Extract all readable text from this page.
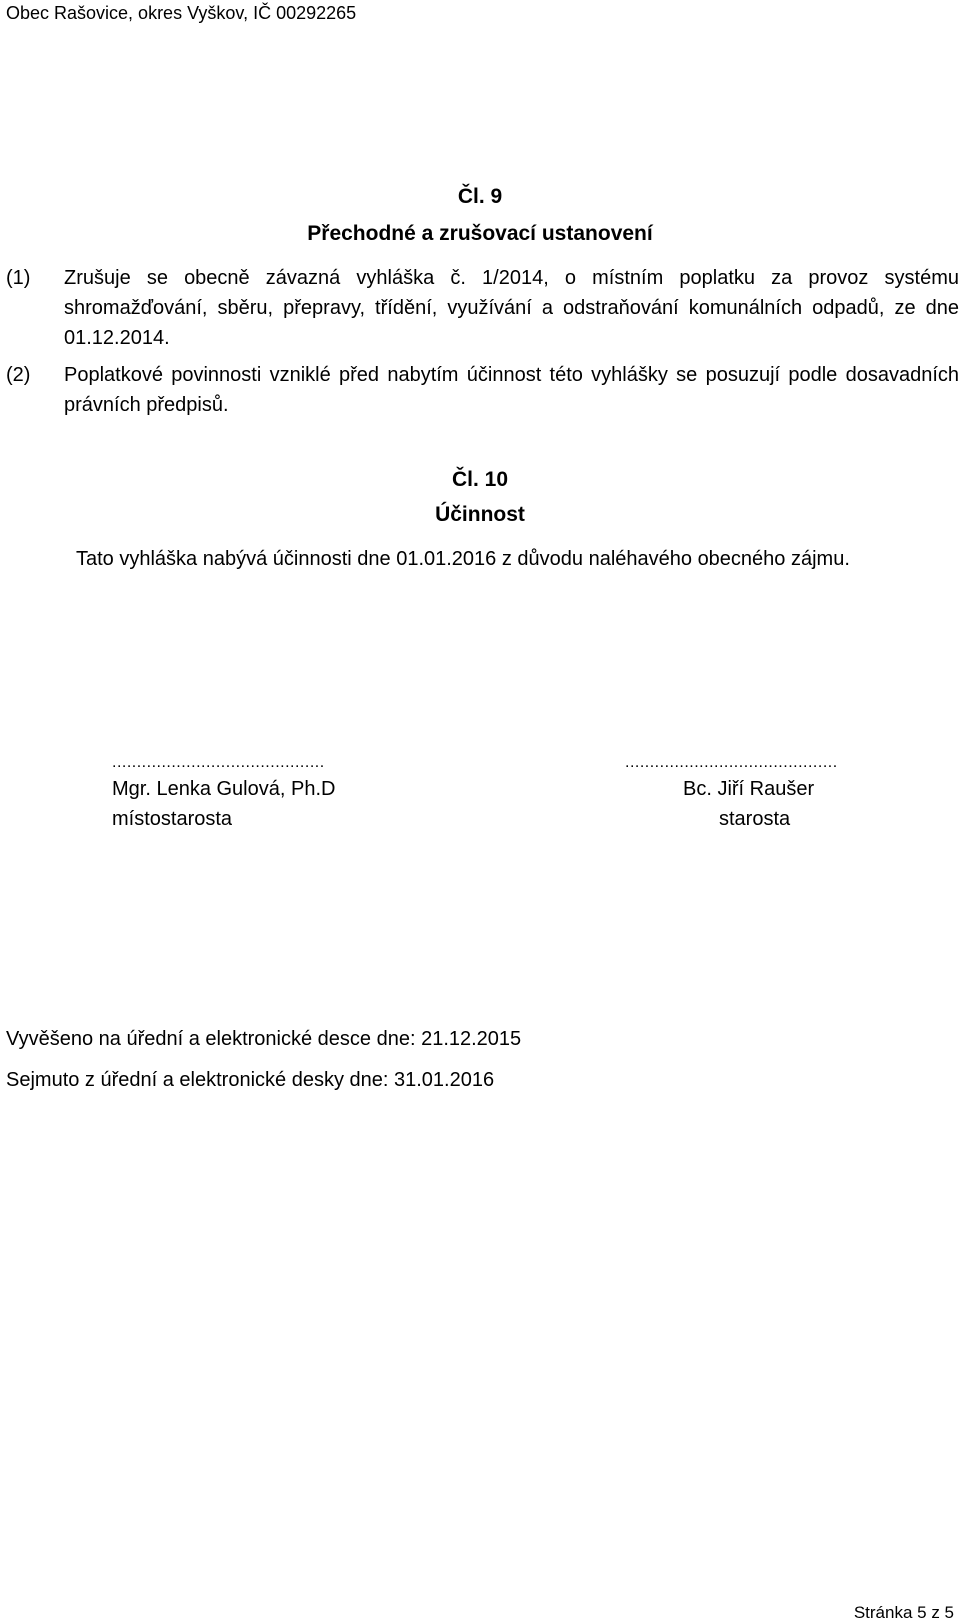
Obec Rašovice, okres Vyškov, IČ 00292265
Čl. 9
Přechodné a zrušovací ustanovení
(1) Zrušuje se obecně závazná vyhláška č. 1/2014, o místním poplatku za provoz systému shromažďování, sběru, přepravy, třídění, využívání a odstraňování komunálních odpadů, ze dne 01.12.2014.
(2) Poplatkové povinnosti vzniklé před nabytím účinnost této vyhlášky se posuzují podle dosavadních právních předpisů.
Čl. 10
Účinnost
Tato vyhláška nabývá účinnosti dne 01.01.2016 z důvodu naléhavého obecného zájmu.
...........................................
Mgr. Lenka Gulová, Ph.D
místostarosta
...........................................
Bc. Jiří Raušer
starosta
Vyvěšeno na úřední a elektronické desce dne: 21.12.2015
Sejmuto z úřední a elektronické desky dne: 31.01.2016
Stránka 5 z 5
